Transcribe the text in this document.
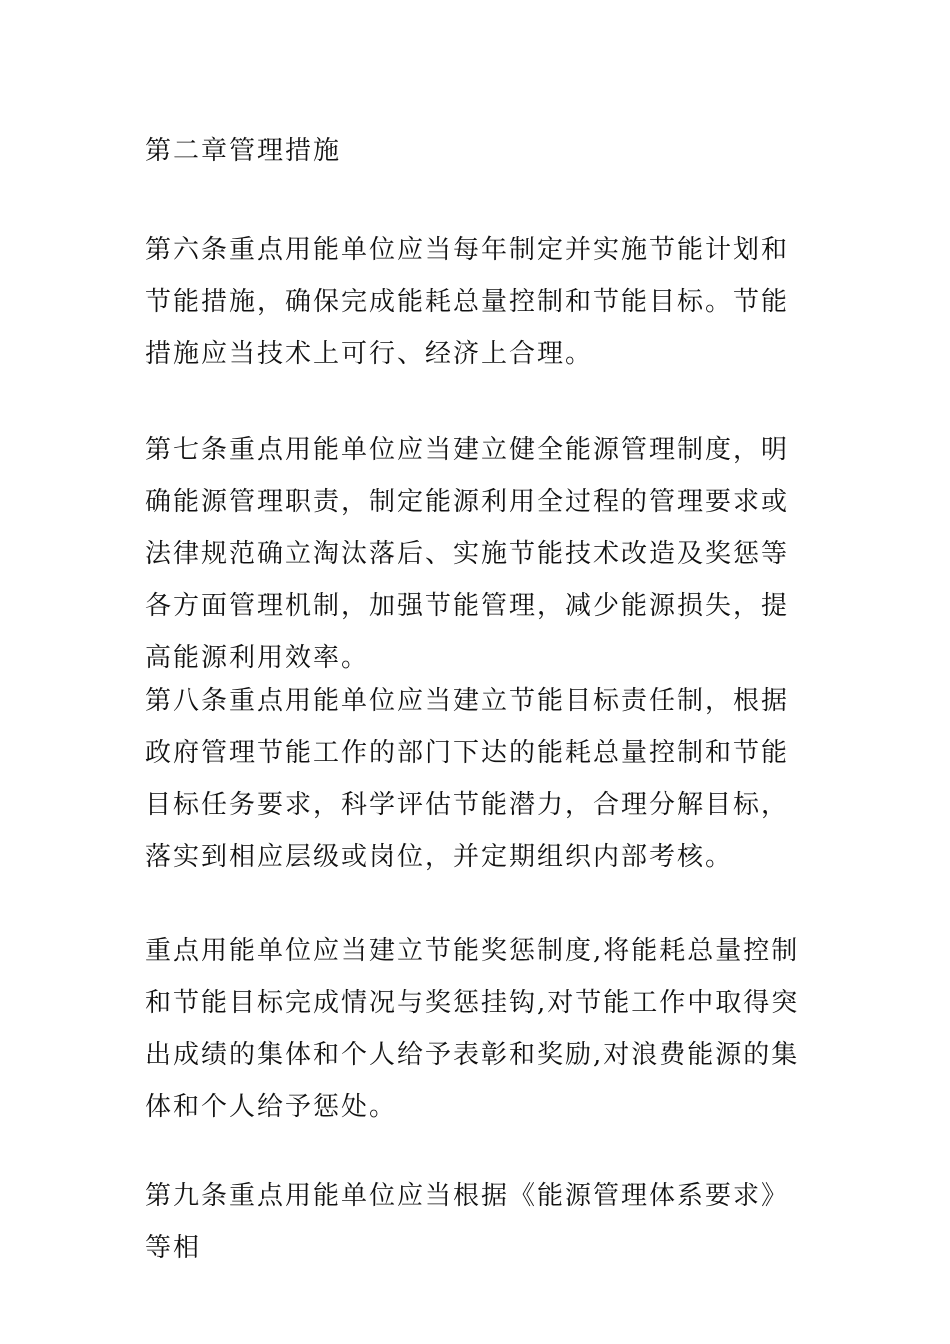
第二章管理措施

第六条重点用能单位应当每年制定并实施节能计划和节能措施，确保完成能耗总量控制和节能目标。节能措施应当技术上可行、经济上合理。

第七条重点用能单位应当建立健全能源管理制度，明确能源管理职责，制定能源利用全过程的管理要求或法律规范确立淘汰落后、实施节能技术改造及奖惩等各方面管理机制，加强节能管理，减少能源损失，提高能源利用效率。

第八条重点用能单位应当建立节能目标责任制，根据政府管理节能工作的部门下达的能耗总量控制和节能目标任务要求，科学评估节能潜力，合理分解目标，落实到相应层级或岗位，并定期组织内部考核。

重点用能单位应当建立节能奖惩制度,将能耗总量控制和节能目标完成情况与奖惩挂钩,对节能工作中取得突出成绩的集体和个人给予表彰和奖励,对浪费能源的集体和个人给予惩处。

第九条重点用能单位应当根据《能源管理体系要求》等相
